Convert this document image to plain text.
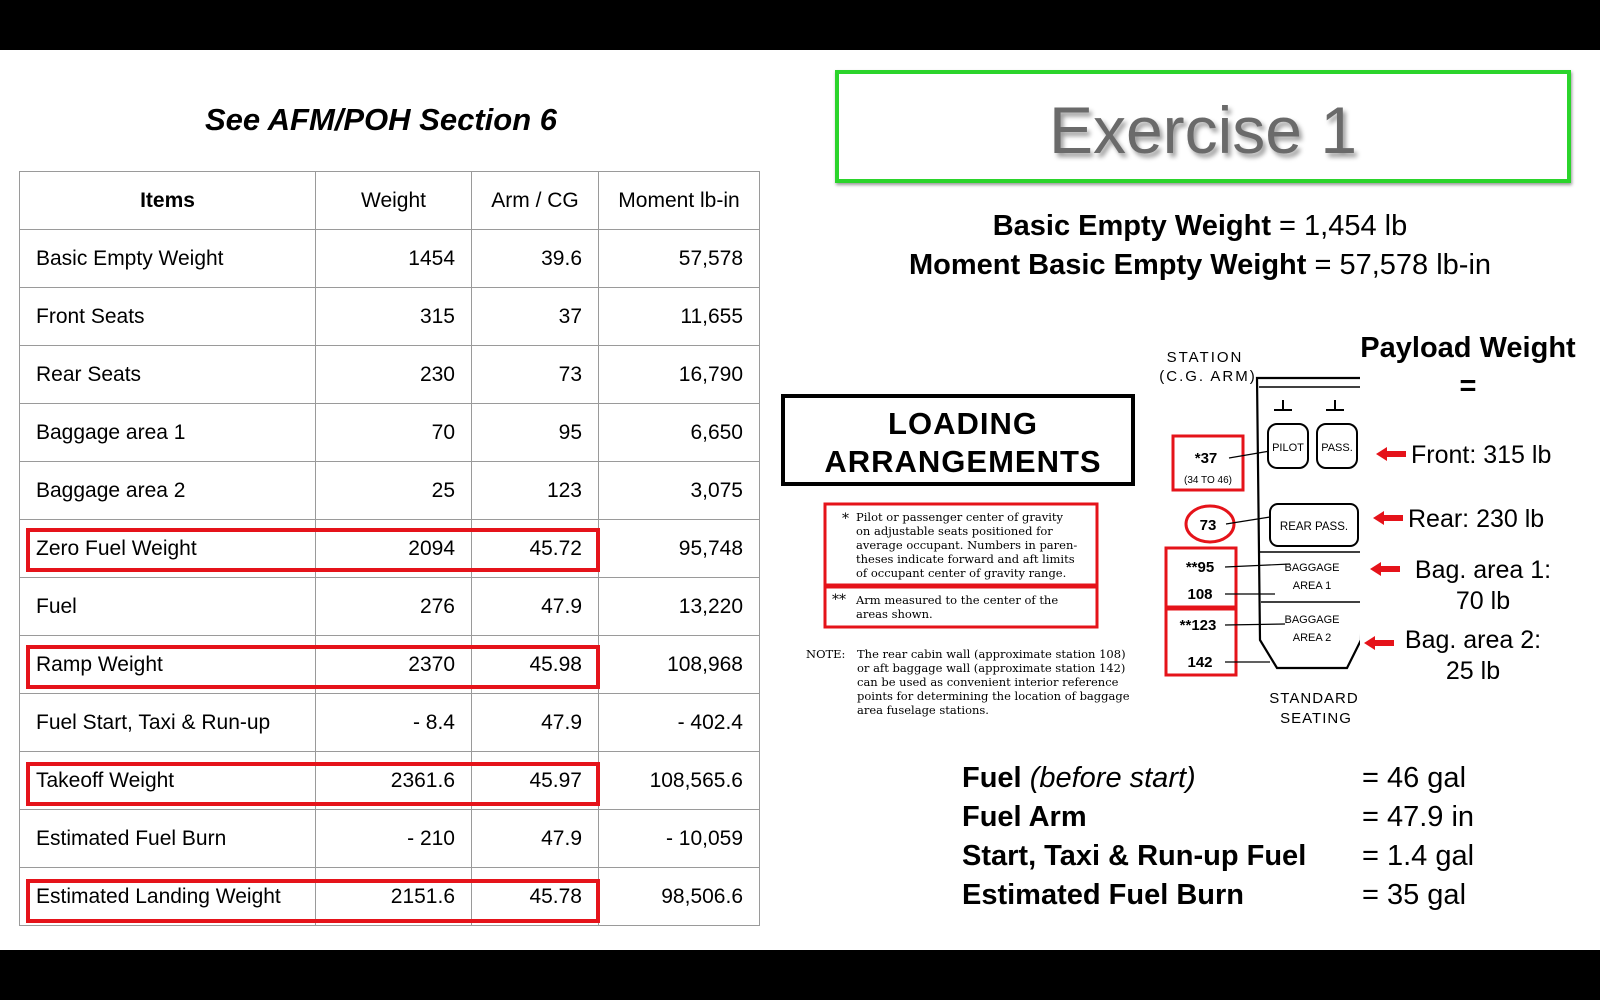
See AFM/POH Section 6
Items	Weight	Arm / CG	Moment lb-in
Basic Empty Weight	1454	39.6	57,578
Front Seats	315	37	11,655
Rear Seats	230	73	16,790
Baggage area 1	70	95	6,650
Baggage area 2	25	123	3,075
Zero Fuel Weight	2094	45.72	95,748
Fuel	276	47.9	13,220
Ramp Weight	2370	45.98	108,968
Fuel Start, Taxi & Run-up	- 8.4	47.9	- 402.4
Takeoff Weight	2361.6	45.97	108,565.6
Estimated Fuel Burn	- 210	47.9	- 10,059
Estimated Landing Weight	2151.6	45.78	98,506.6
Exercise 1
Basic Empty Weight = 1,454 lb
Moment Basic Empty Weight = 57,578 lb-in
STATION
(C.G. ARM)
LOADING
ARRANGEMENTS
* Pilot or passenger center of gravity
on adjustable seats positioned for
average occupant. Numbers in paren-
theses indicate forward and aft limits
of occupant center of gravity range.
** Arm measured to the center of the
areas shown.
NOTE: The rear cabin wall (approximate station 108)
or aft baggage wall (approximate station 142)
can be used as convenient interior reference
points for determining the location of baggage
area fuselage stations.
*37
(34 TO 46)
73
**95
108
**123
142
PILOT PASS.
REAR PASS.
BAGGAGE
AREA 1
BAGGAGE
AREA 2
STANDARD
SEATING
Payload Weight
=
Front: 315 lb
Rear: 230 lb
Bag. area 1:
70 lb
Bag. area 2:
25 lb
Fuel (before start)	= 46 gal
Fuel Arm	= 47.9 in
Start, Taxi & Run-up Fuel = 1.4 gal
Estimated Fuel Burn	= 35 gal
